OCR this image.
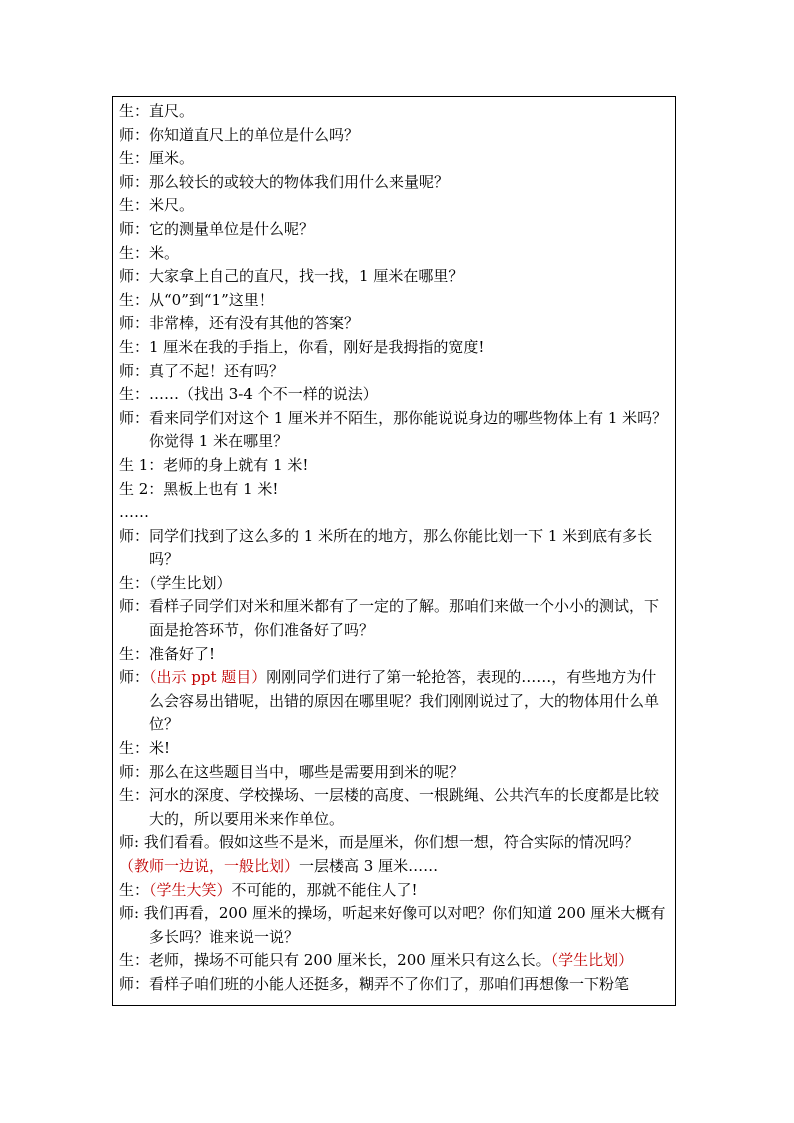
生：直尺。
师：你知道直尺上的单位是什么吗？
生：厘米。
师：那么较长的或较大的物体我们用什么来量呢？
生：米尺。
师：它的测量单位是什么呢？
生：米。
师：大家拿上自己的直尺，找一找，1 厘米在哪里？
生：从“0”到“1”这里！
师：非常棒，还有没有其他的答案？
生：1 厘米在我的手指上，你看，刚好是我拇指的宽度!
师：真了不起！还有吗？
生：……（找出 3-4 个不一样的说法）
师：看来同学们对这个 1 厘米并不陌生，那你能说说身边的哪些物体上有 1 米吗？你觉得 1 米在哪里？
生 1：老师的身上就有 1 米!
生 2：黑板上也有 1 米!
……
师：同学们找到了这么多的 1 米所在的地方，那么你能比划一下 1 米到底有多长吗？
生：（学生比划）
师：看样子同学们对米和厘米都有了一定的了解。那咱们来做一个小小的测试，下面是抢答环节，你们准备好了吗？
生：准备好了!
师：（出示 ppt 题目）刚刚同学们进行了第一轮抢答，表现的……，有些地方为什么会容易出错呢，出错的原因在哪里呢？我们刚刚说过了，大的物体用什么单位？
生：米!
师：那么在这些题目当中，哪些是需要用到米的呢？
生：河水的深度、学校操场、一层楼的高度、一根跳绳、公共汽车的长度都是比较大的，所以要用米来作单位。
师: 我们看看。假如这些不是米，而是厘米，你们想一想，符合实际的情况吗？
（教师一边说，一般比划）一层楼高 3 厘米……
生：（学生大笑）不可能的，那就不能住人了!
师: 我们再看，200 厘米的操场，听起来好像可以对吧？你们知道 200 厘米大概有多长吗？谁来说一说？
生：老师，操场不可能只有 200 厘米长，200 厘米只有这么长。（学生比划）
师：看样子咱们班的小能人还挺多，糊弄不了你们了，那咱们再想像一下粉笔
